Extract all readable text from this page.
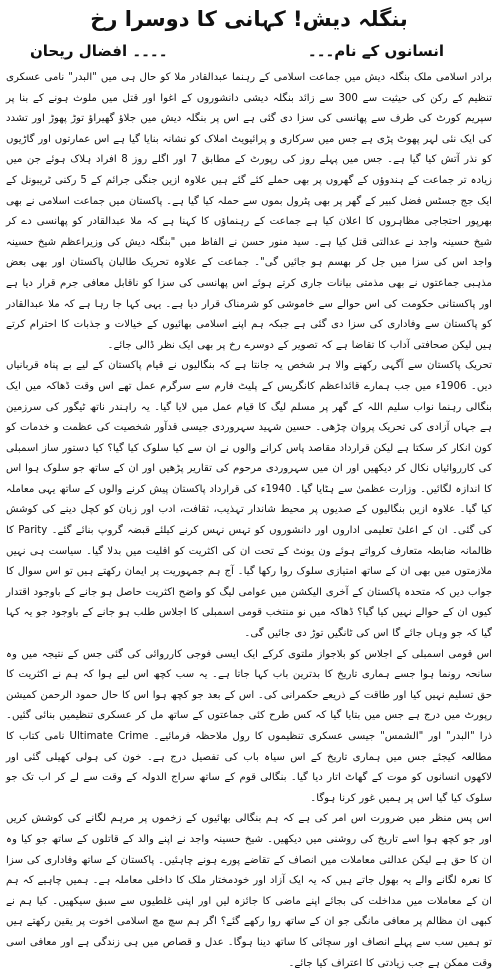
بنگلہ دیش! کہانی کا دوسرا رخ
انسانوں کے نام۔۔۔
۔۔۔۔ افضال ریحان

برادر اسلامی ملک بنگلہ دیش میں جماعت اسلامی کے رہنما عبدالقادر ملا کو حال ہی میں "البدر" نامی عسکری تنظیم کے رکن کی حیثیت سے 300 سے زائد بنگلہ دیشی دانشوروں کے اغوا اور قتل میں ملوث ہونے کے بنا پر سپریم کورٹ کی طرف سے پھانسی کی سزا دی گئی ہے اس پر بنگلہ دیش میں جلاؤ گھیراؤ توڑ پھوڑ اور تشدد کی ایک نئی لہر پھوٹ پڑی ہے جس میں سرکاری و پرائیویٹ املاک کو نشانہ بنایا گیا ہے اس عمارتوں اور گاڑیوں کو نذر آتش کیا گیا ہے۔ جس میں پہلے روز کی رپورٹ کے مطابق 7 اور اگلے روز 8 افراد ہلاک ہوئے جن میں زیادہ تر جماعت کے ہندوؤں کے گھروں پر بھی حملے کئے گئے ہیں علاوہ ازیں جنگی جرائم کے 5 رکنی ٹریبونل کے ایک جج جسٹس فضل کبیر کے گھر پر بھی پٹرول بموں سے حملہ کیا گیا ہے۔ پاکستان میں جماعت اسلامی نے بھی بھرپور احتجاجی مظاہروں کا اعلان کیا ہے جماعت کے رہنماؤں کا کہنا ہے کہ ملا عبدالقادر کو پھانسی دے کر شیخ حسینہ واجد نے عدالتی قتل کیا ہے۔ سید منور حسن نے الفاظ میں "بنگلہ دیش کی وزیراعظم شیخ حسینہ واجد اس کی سزا میں جل کر بھسم ہو جائیں گی"۔ جماعت کے علاوہ تحریک طالبان پاکستان اور بھی بعض مذہبی جماعتوں نے بھی مذمتی بیانات جاری کرتے ہوئے اس پھانسی کی سزا کو ناقابل معافی جرم قرار دیا ہے اور پاکستانی حکومت کی اس حوالے سے خاموشی کو شرمناک قرار دیا ہے۔ یہی کہا جا رہا ہے کہ ملا عبدالقادر کو پاکستان سے وفاداری کی سزا دی گئی ہے جبکہ ہم اپنے اسلامی بھائیوں کے خیالات و جذبات کا احترام کرتے ہیں لیکن صحافتی آداب کا تقاضا ہے کہ تصویر کے دوسرے رخ پر بھی ایک نظر ڈالی جائے۔

تحریک پاکستان سے آگہی رکھنے والا ہر شخص یہ جانتا ہے کہ بنگالیوں نے قیام پاکستان کے لیے بے پناہ قربانیاں دیں۔ 1906ء میں جب ہمارے قائداعظم کانگریس کے پلیٹ فارم سے سرگرم عمل تھے اس وقت ڈھاکہ میں ایک بنگالی رہنما نواب سلیم اللہ کے گھر پر مسلم لیگ کا قیام عمل میں لایا گیا۔ یہ راہندر ناتھ ٹیگور کی سرزمین ہے جہاں آزادی کی تحریک پروان چڑھی۔ حسین شہید سہروردی جیسی قدآور شخصیت کی عظمت و خدمات کو کون انکار کر سکتا ہے لیکن قرارداد مقاصد پاس کرانے والوں نے ان سے کیا سلوک کیا گیا؟ کیا دستور ساز اسمبلی کی کارروائیاں نکال کر دیکھیں اور ان میں سہروردی مرحوم کی تقاریر پڑھیں اور ان کے ساتھ جو سلوک ہوا اس کا اندازہ لگائیں۔ وزارت عظمیٰ سے ہٹایا گیا۔ 1940ء کی قرارداد پاکستان پیش کرنے والوں کے ساتھ یہی معاملہ کیا گیا۔ علاوہ ازیں بنگالیوں کے صدیوں پر محیط شاندار تہذیب، ثقافت، ادب اور زبان کو کچل دینے کی کوشش کی گئی۔ ان کے اعلیٰ تعلیمی اداروں اور دانشوروں کو تہس نہس کرنے کیلئے قبضہ گروپ بنائے گئے۔ Parity کا ظالمانہ ضابطہ متعارف کرواتے ہوئے ون یونٹ کے تحت ان کی اکثریت کو اقلیت میں بدلا گیا۔ سیاست ہی نہیں ملازمتوں میں بھی ان کے ساتھ امتیازی سلوک روا رکھا گیا۔ آج ہم جمہوریت پر ایمان رکھتے ہیں تو اس سوال کا جواب دیں کہ متحدہ پاکستان کے آخری الیکشن میں عوامی لیگ کو واضح اکثریت حاصل ہو جانے کے باوجود اقتدار کیوں ان کے حوالے نہیں کیا گیا؟ ڈھاکہ میں نو منتخب قومی اسمبلی کا اجلاس طلب ہو جانے کے باوجود جو یہ کہا گیا کہ جو وہاں جائے گا اس کی ٹانگیں توڑ دی جائیں گی۔

اس قومی اسمبلی کے اجلاس کو بلاجواز ملتوی کرکے ایک ایسی فوجی کارروائی کی گئی جس کے نتیجہ میں وہ سانحہ رونما ہوا جسے ہماری تاریخ کا بدترین باب کہا جاتا ہے۔ یہ سب کچھ اس لیے ہوا کہ ہم نے اکثریت کا حق تسلیم نہیں کیا اور طاقت کے ذریعے حکمرانی کی۔ اس کے بعد جو کچھ ہوا اس کا حال حمود الرحمن کمیشن رپورٹ میں درج ہے جس میں بتایا گیا کہ کس طرح کئی جماعتوں کے ساتھ مل کر عسکری تنظیمیں بنائی گئیں۔ ذرا "البدر" اور "الشمس" جیسی عسکری تنظیموں کا رول ملاحظہ فرمائیے۔ Ultimate Crime نامی کتاب کا مطالعہ کیجئے جس میں ہماری تاریخ کے اس سیاہ باب کی تفصیل درج ہے۔ خون کی ہولی کھیلی گئی اور لاکھوں انسانوں کو موت کے گھاٹ اتار دیا گیا۔ بنگالی قوم کے ساتھ سراج الدولہ کے وقت سے لے کر اب تک جو سلوک کیا گیا اس پر ہمیں غور کرنا ہوگا۔

اس پس منظر میں ضرورت اس امر کی ہے کہ ہم بنگالی بھائیوں کے زخموں پر مرہم لگانے کی کوشش کریں اور جو کچھ ہوا اسے تاریخ کی روشنی میں دیکھیں۔ شیخ حسینہ واجد نے اپنے والد کے قاتلوں کے ساتھ جو کیا وہ ان کا حق ہے لیکن عدالتی معاملات میں انصاف کے تقاضے پورے ہونے چاہئیں۔ پاکستان کے ساتھ وفاداری کی سزا کا نعرہ لگانے والے یہ بھول جاتے ہیں کہ یہ ایک آزاد اور خودمختار ملک کا داخلی معاملہ ہے۔ ہمیں چاہیے کہ ہم ان کے معاملات میں مداخلت کی بجائے اپنے ماضی کا جائزہ لیں اور اپنی غلطیوں سے سبق سیکھیں۔ کیا ہم نے کبھی ان مظالم پر معافی مانگی جو ان کے ساتھ روا رکھے گئے؟ اگر ہم سچ مچ اسلامی اخوت پر یقین رکھتے ہیں تو ہمیں سب سے پہلے انصاف اور سچائی کا ساتھ دینا ہوگا۔ عدل و قصاص میں ہی زندگی ہے اور معافی اسی وقت ممکن ہے جب زیادتی کا اعتراف کیا جائے۔
